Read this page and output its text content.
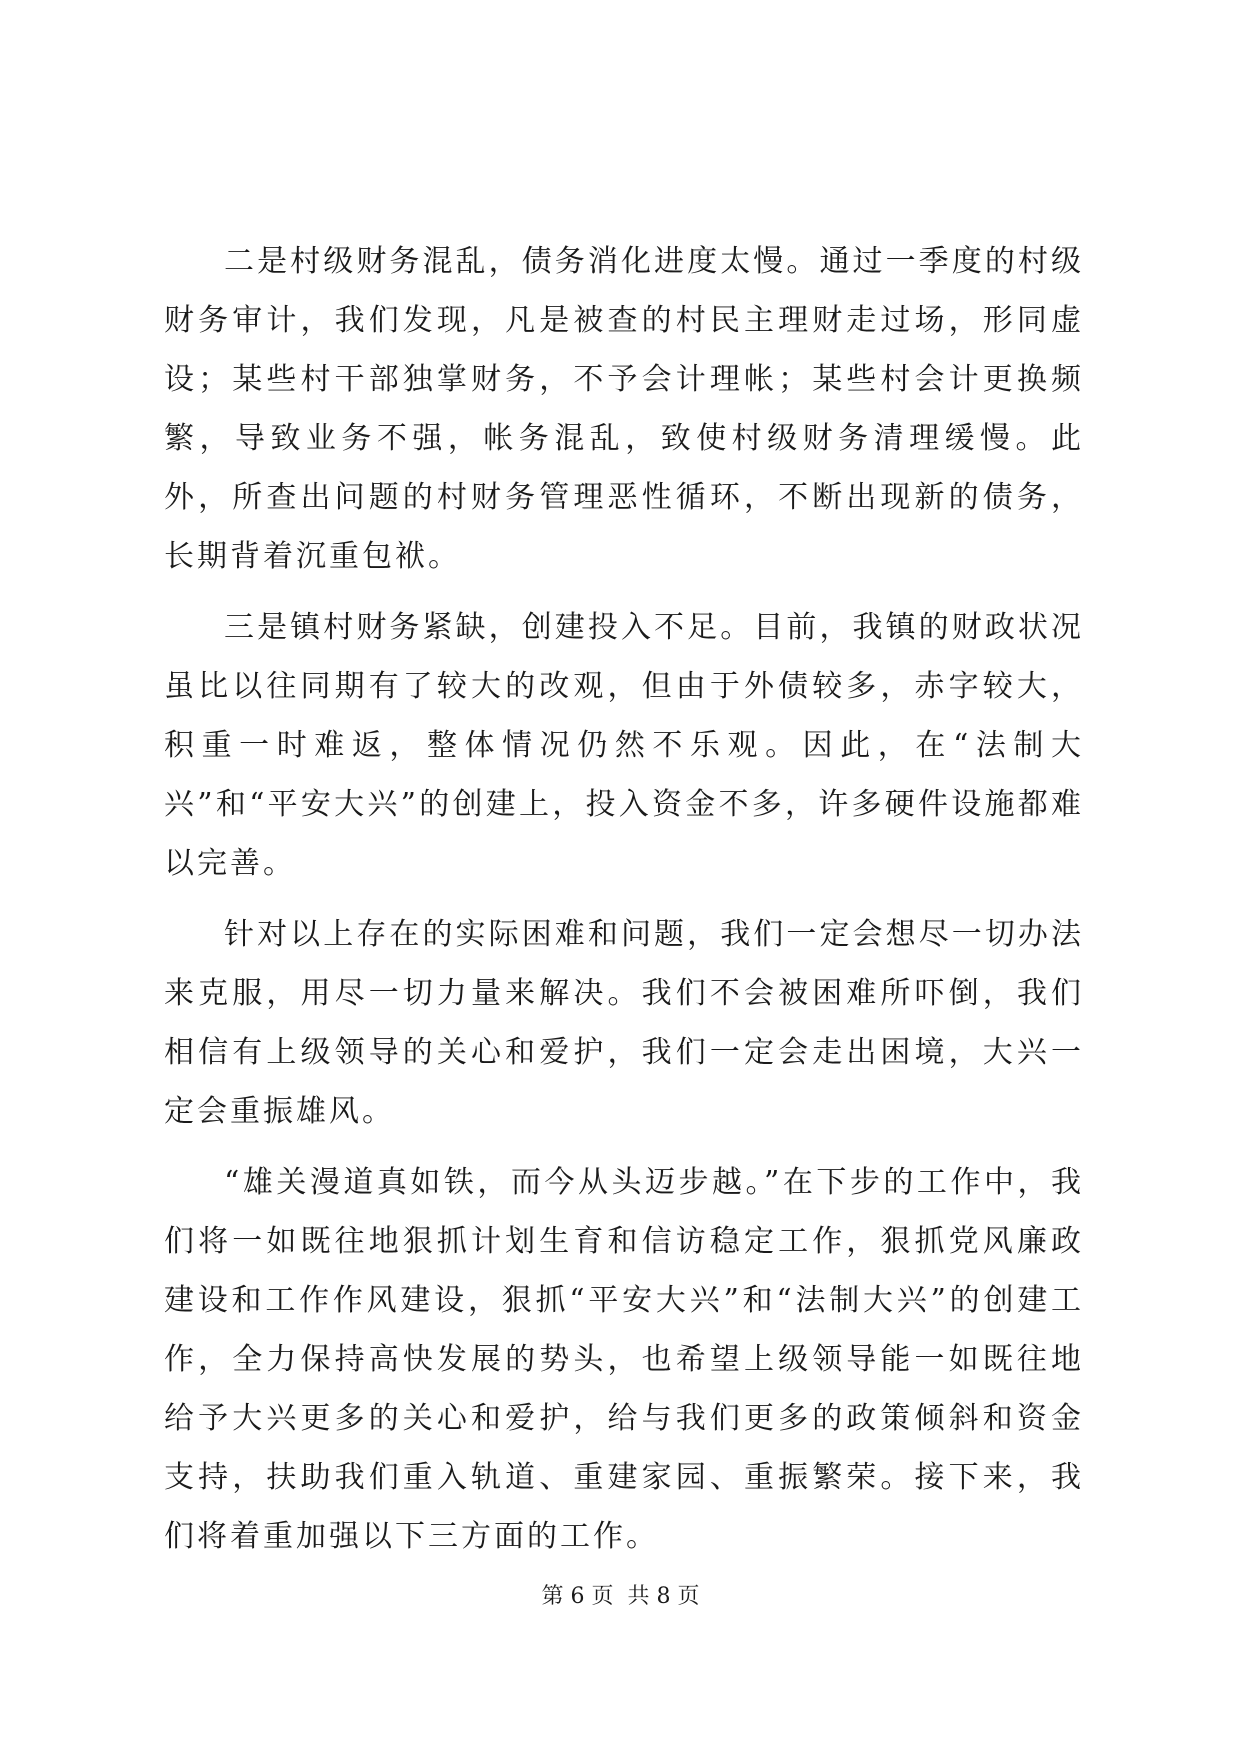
二是村级财务混乱，债务消化进度太慢。通过一季度的村级财务审计，我们发现，凡是被查的村民主理财走过场，形同虚设；某些村干部独掌财务，不予会计理帐；某些村会计更换频繁，导致业务不强，帐务混乱，致使村级财务清理缓慢。此外，所查出问题的村财务管理恶性循环，不断出现新的债务，长期背着沉重包袱。

三是镇村财务紧缺，创建投入不足。目前，我镇的财政状况虽比以往同期有了较大的改观，但由于外债较多，赤字较大，积重一时难返，整体情况仍然不乐观。因此，在“法制大兴”和“平安大兴”的创建上，投入资金不多，许多硬件设施都难以完善。

针对以上存在的实际困难和问题，我们一定会想尽一切办法来克服，用尽一切力量来解决。我们不会被困难所吓倒，我们相信有上级领导的关心和爱护，我们一定会走出困境，大兴一定会重振雄风。

“雄关漫道真如铁，而今从头迈步越。”在下步的工作中，我们将一如既往地狠抓计划生育和信访稳定工作，狠抓党风廉政建设和工作作风建设，狠抓“平安大兴”和“法制大兴”的创建工作，全力保持高快发展的势头，也希望上级领导能一如既往地给予大兴更多的关心和爱护，给与我们更多的政策倾斜和资金支持，扶助我们重入轨道、重建家园、重振繁荣。接下来，我们将着重加强以下三方面的工作。

第 6 页 共 8 页
